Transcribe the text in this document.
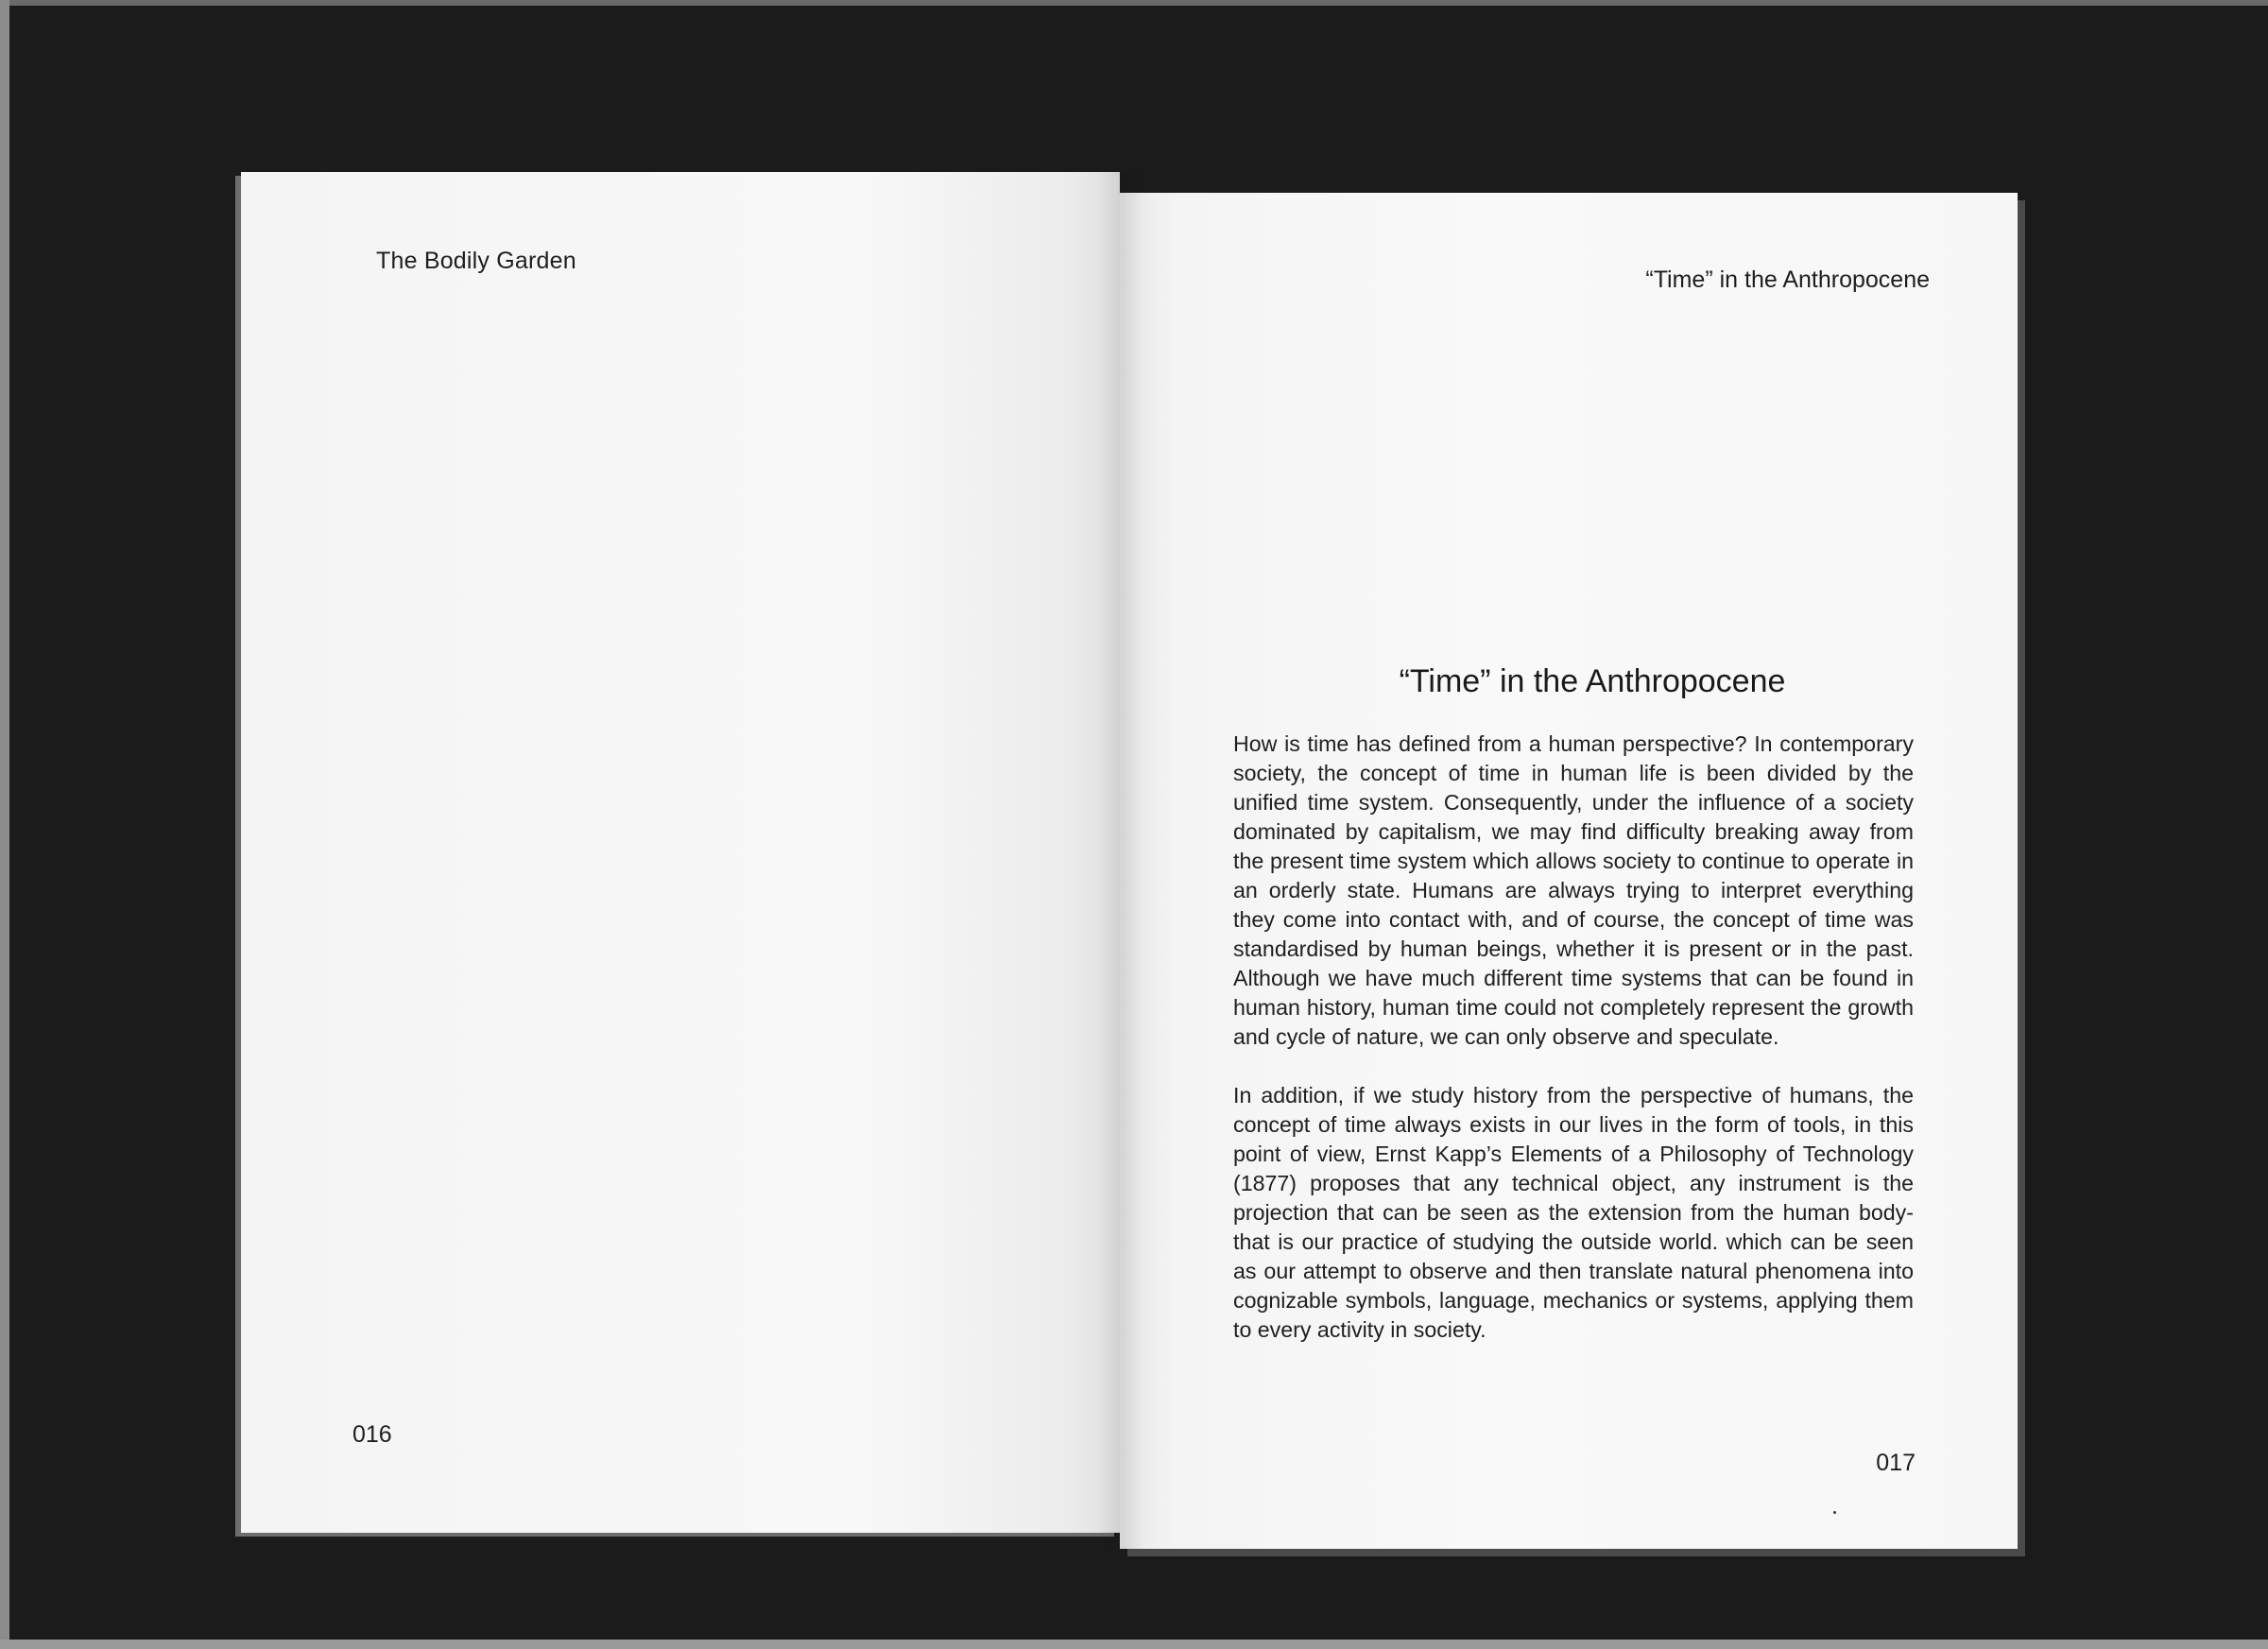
The Bodily Garden
016
“Time” in the Anthropocene
“Time” in the Anthropocene

How is time has defined from a human perspective? In contemporary society, the concept of time in human life is been divided by the unified time system. Consequently, under the influence of a society dominated by capitalism, we may find difficulty breaking away from the present time system which allows society to continue to operate in an orderly state. Humans are always trying to interpret everything they come into contact with, and of course, the concept of time was standardised by human beings, whether it is present or in the past. Although we have much different time systems that can be found in human history, human time could not completely represent the growth and cycle of nature, we can only observe and speculate.

In addition, if we study history from the perspective of humans, the concept of time always exists in our lives in the form of tools, in this point of view, Ernst Kapp’s Elements of a Philosophy of Technology (1877) proposes that any technical object, any instrument is the projection that can be seen as the extension from the human body- that is our practice of studying the outside world. which can be seen as our attempt to observe and then translate natural phenomena into cognizable symbols, language, mechanics or systems, applying them to every activity in society.

017
